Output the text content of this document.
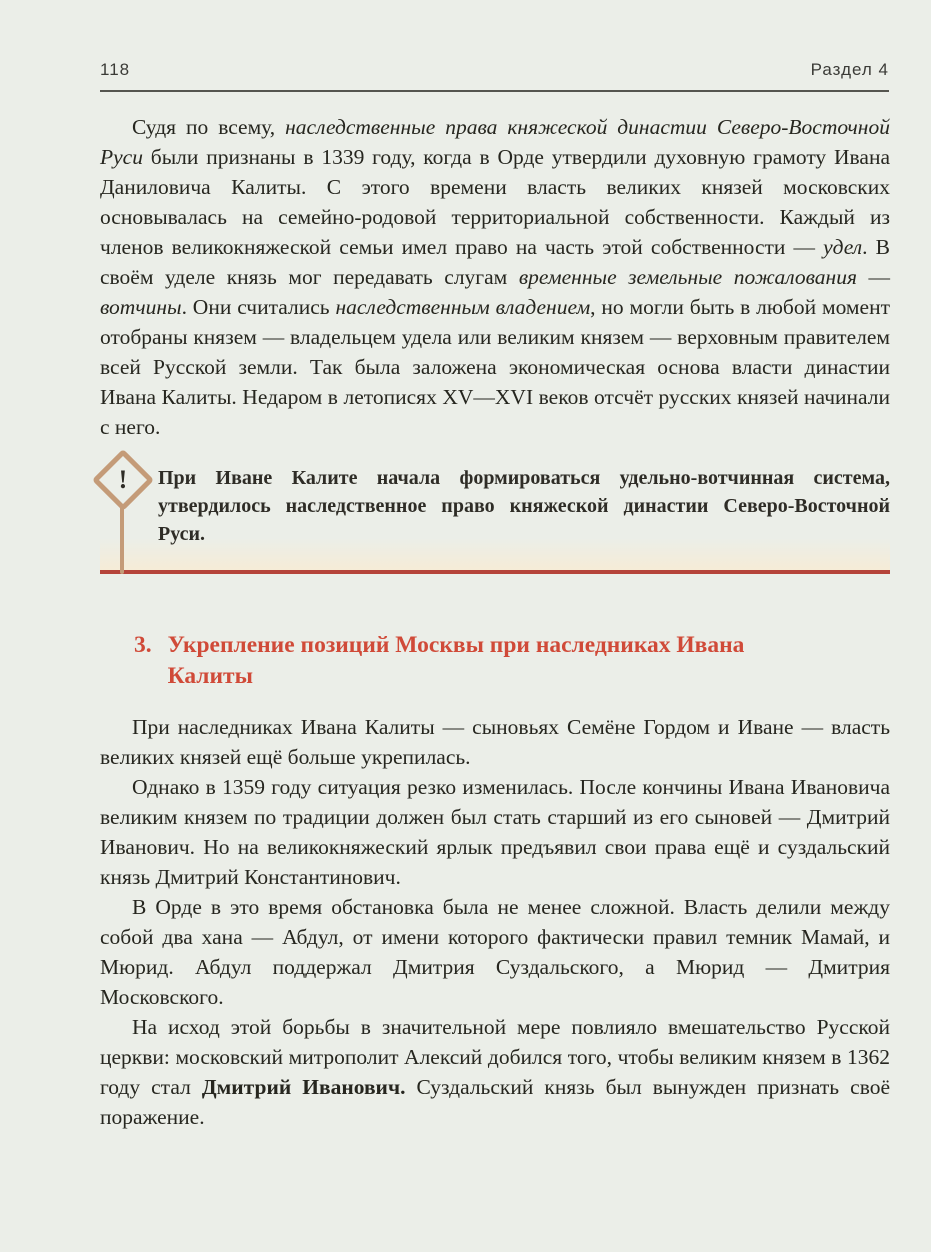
118	Раздел 4

Судя по всему, наследственные права княжеской династии Северо-Восточной Руси были признаны в 1339 году, когда в Орде утвердили духовную грамоту Ивана Даниловича Калиты. С этого времени власть великих князей московских основывалась на семейно-родовой территориальной собственности. Каждый из членов великокняжеской семьи имел право на часть этой собственности — удел. В своём уделе князь мог передавать слугам временные земельные пожалования — вотчины. Они считались наследственным владением, но могли быть в любой момент отобраны князем — владельцем удела или великим князем — верховным правителем всей Русской земли. Так была заложена экономическая основа власти династии Ивана Калиты. Недаром в летописях XV—XVI веков отсчёт русских князей начинали с него.

!	При Иване Калите начала формироваться удельно-вотчинная система, утвердилось наследственное право княжеской династии Северо-Восточной Руси.
3. Укрепление позиций Москвы при наследниках Ивана Калиты

При наследниках Ивана Калиты — сыновьях Семёне Гордом и Иване — власть великих князей ещё больше укрепилась.

Однако в 1359 году ситуация резко изменилась. После кончины Ивана Ивановича великим князем по традиции должен был стать старший из его сыновей — Дмитрий Иванович. Но на великокняжеский ярлык предъявил свои права ещё и суздальский князь Дмитрий Константинович.

В Орде в это время обстановка была не менее сложной. Власть делили между собой два хана — Абдул, от имени которого фактически правил темник Мамай, и Мюрид. Абдул поддержал Дмитрия Суздальского, а Мюрид — Дмитрия Московского.

На исход этой борьбы в значительной мере повлияло вмешательство Русской церкви: московский митрополит Алексий добился того, чтобы великим князем в 1362 году стал Дмитрий Иванович. Суздальский князь был вынужден признать своё поражение.
